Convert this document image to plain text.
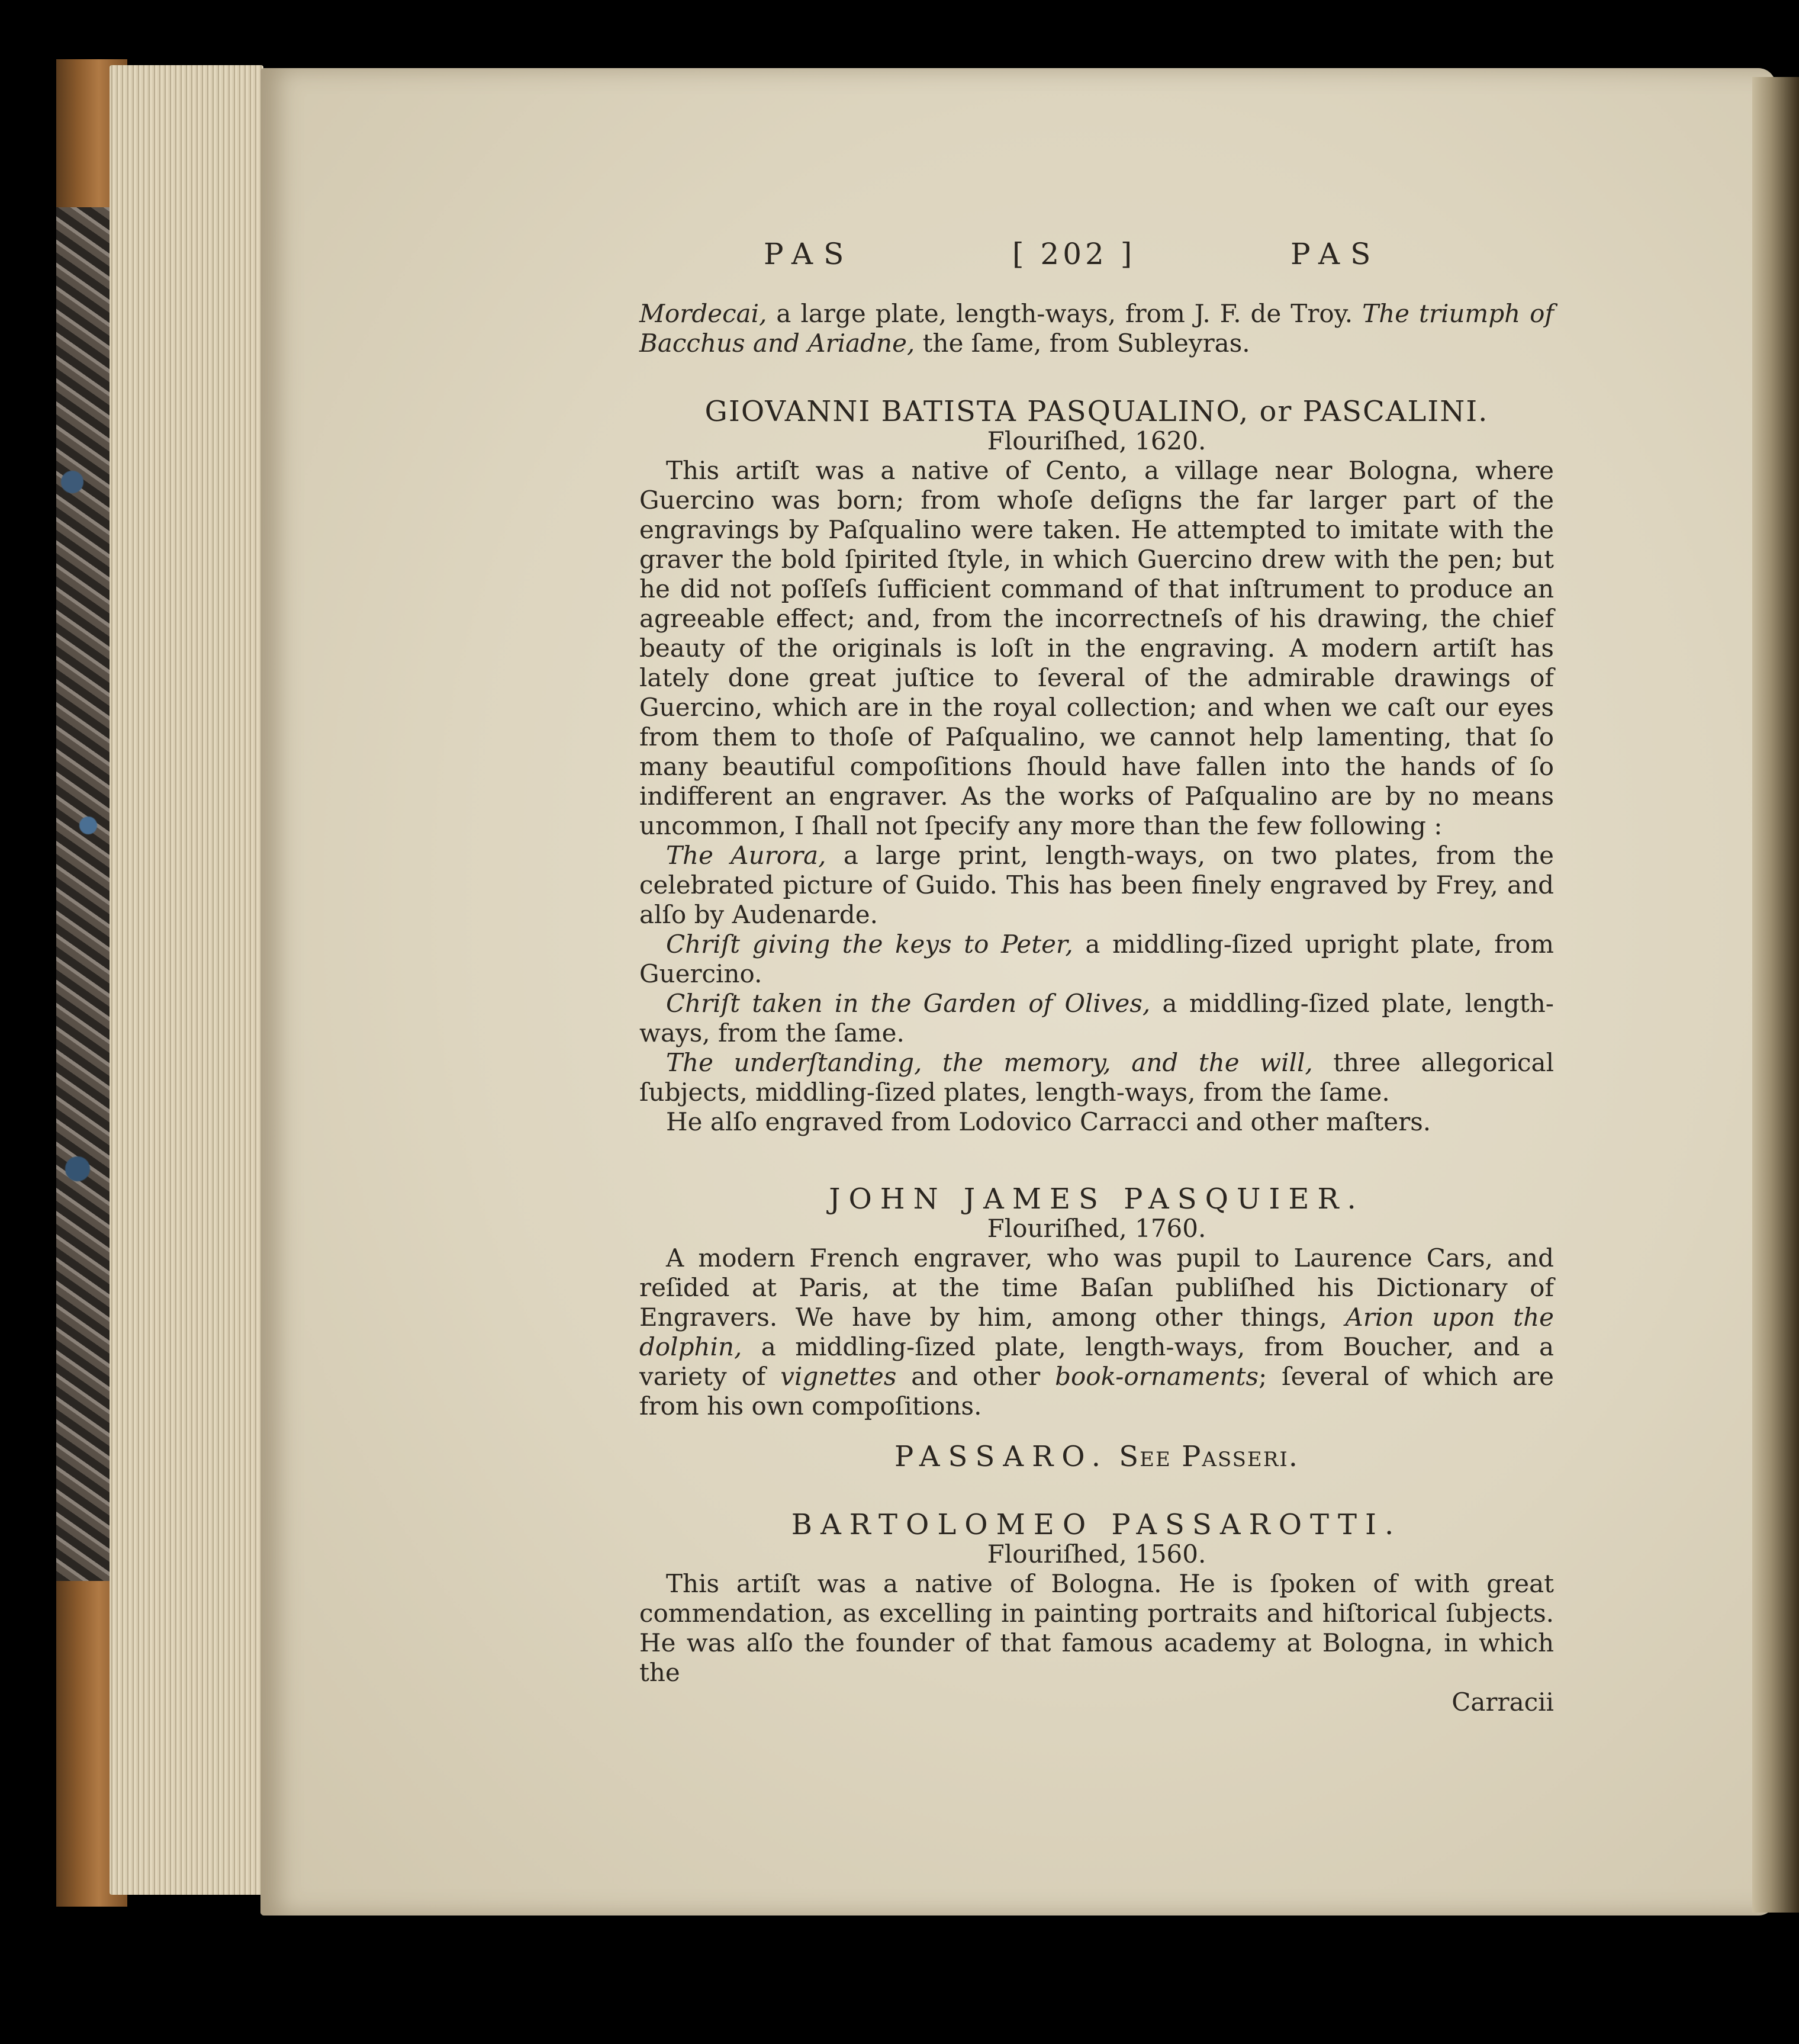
PAS	[ 202 ]	PAS

Mordecai, a large plate, length-ways, from J. F. de Troy. The triumph of Bacchus and Ariadne, the ſame, from Subleyras.

GIOVANNI BATISTA PASQUALINO, or PASCALINI.

Flouriſhed, 1620.

This artiſt was a native of Cento, a village near Bologna, where Guercino was born; from whoſe deſigns the far larger part of the engravings by Paſqualino were taken. He attempted to imitate with the graver the bold ſpirited ſtyle, in which Guercino drew with the pen; but he did not poſſeſs ſufficient command of that inſtrument to produce an agreeable effect; and, from the incorrectneſs of his drawing, the chief beauty of the originals is loſt in the engraving. A modern artiſt has lately done great juſtice to ſeveral of the admirable drawings of Guercino, which are in the royal collection; and when we caſt our eyes from them to thoſe of Paſqualino, we cannot help lamenting, that ſo many beautiful compoſitions ſhould have fallen into the hands of ſo indifferent an engraver. As the works of Paſqualino are by no means uncommon, I ſhall not ſpecify any more than the few following :

The Aurora, a large print, length-ways, on two plates, from the celebrated picture of Guido. This has been finely engraved by Frey, and alſo by Audenarde.

Chriſt giving the keys to Peter, a middling-ſized upright plate, from Guercino.

Chriſt taken in the Garden of Olives, a middling-ſized plate, length-ways, from the ſame.

The underſtanding, the memory, and the will, three allegorical ſubjects, middling-ſized plates, length-ways, from the ſame.

He alſo engraved from Lodovico Carracci and other maſters.

JOHN JAMES PASQUIER.

Flouriſhed, 1760.

A modern French engraver, who was pupil to Laurence Cars, and reſided at Paris, at the time Baſan publiſhed his Dictionary of Engravers. We have by him, among other things, Arion upon the dolphin, a middling-ſized plate, length-ways, from Boucher, and a variety of vignettes and other book-ornaments; ſeveral of which are from his own compoſitions.

PASSARO. See Passeri.

BARTOLOMEO PASSAROTTI.

Flouriſhed, 1560.

This artiſt was a native of Bologna. He is ſpoken of with great commendation, as excelling in painting portraits and hiſtorical ſubjects. He was alſo the founder of that famous academy at Bologna, in which the

Carracii
